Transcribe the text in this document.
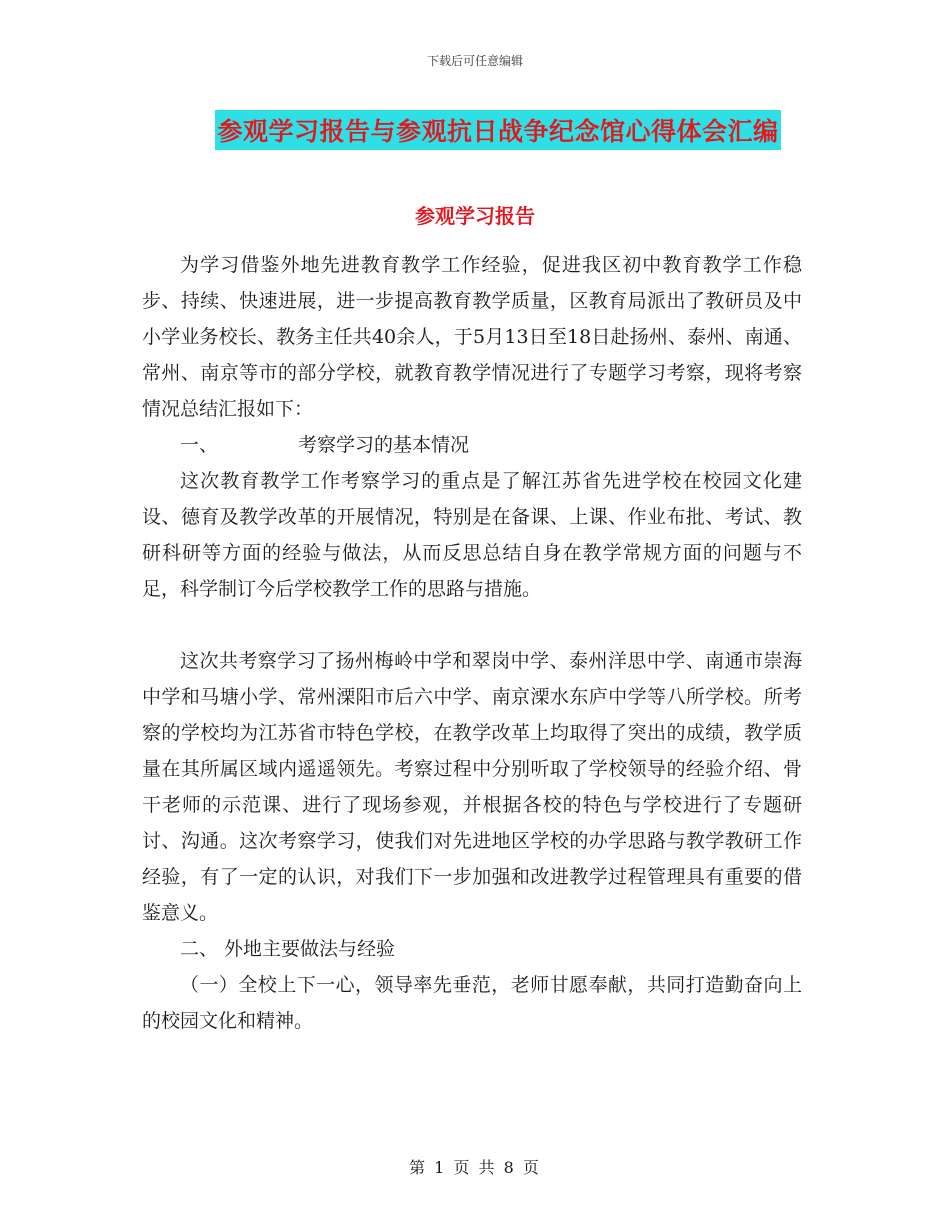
下载后可任意编辑
参观学习报告与参观抗日战争纪念馆心得体会汇编
参观学习报告

为学习借鉴外地先进教育教学工作经验，促进我区初中教育教学工作稳步、持续、快速进展，进一步提高教育教学质量，区教育局派出了教研员及中小学业务校长、教务主任共40余人，于5月13日至18日赴扬州、泰州、南通、常州、南京等市的部分学校，就教育教学情况进行了专题学习考察，现将考察情况总结汇报如下：

一、	考察学习的基本情况

这次教育教学工作考察学习的重点是了解江苏省先进学校在校园文化建设、德育及教学改革的开展情况，特别是在备课、上课、作业布批、考试、教研科研等方面的经验与做法，从而反思总结自身在教学常规方面的问题与不足，科学制订今后学校教学工作的思路与措施。

这次共考察学习了扬州梅岭中学和翠岗中学、泰州洋思中学、南通市崇海中学和马塘小学、常州溧阳市后六中学、南京溧水东庐中学等八所学校。所考察的学校均为江苏省市特色学校，在教学改革上均取得了突出的成绩，教学质量在其所属区域内遥遥领先。考察过程中分别听取了学校领导的经验介绍、骨干老师的示范课、进行了现场参观，并根据各校的特色与学校进行了专题研讨、沟通。这次考察学习，使我们对先进地区学校的办学思路与教学教研工作经验，有了一定的认识，对我们下一步加强和改进教学过程管理具有重要的借鉴意义。

二、 外地主要做法与经验

（一）全校上下一心，领导率先垂范，老师甘愿奉献，共同打造勤奋向上的校园文化和精神。

第 1 页 共 8 页
